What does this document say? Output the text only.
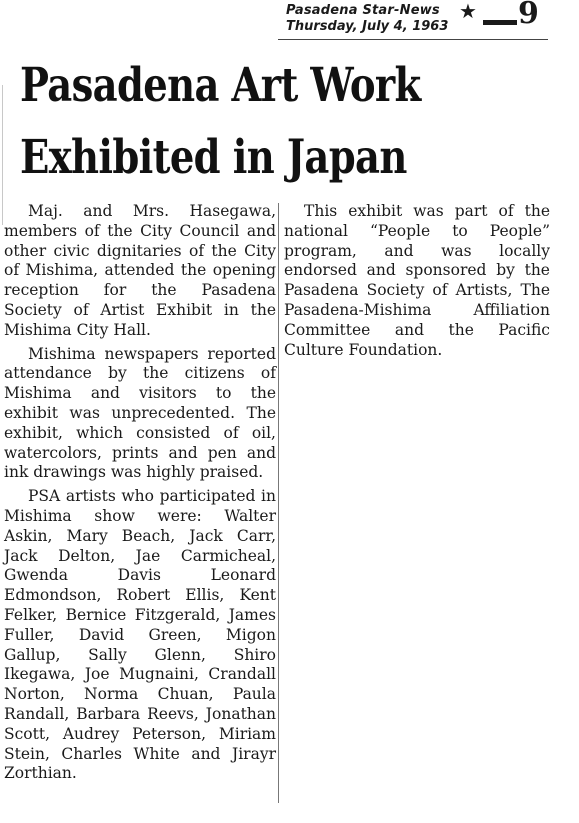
Pasadena Star-News
Thursday, July 4, 1963
★ 9
Pasadena Art Work Exhibited in Japan

Maj. and Mrs. Hasegawa, members of the City Council and other civic dignitaries of the City of Mishima, attended the opening reception for the Pasadena Society of Artist Exhibit in the Mishima City Hall.

Mishima newspapers reported attendance by the citizens of Mishima and visitors to the exhibit was unprecedented. The exhibit, which consisted of oil, watercolors, prints and pen and ink drawings was highly praised.

PSA artists who participated in Mishima show were: Walter Askin, Mary Beach, Jack Carr, Jack Delton, Jae Carmicheal, Gwenda Davis Leonard Edmondson, Robert Ellis, Kent Felker, Bernice Fitzgerald, James Fuller, David Green, Migon Gallup, Sally Glenn, Shiro Ikegawa, Joe Mugnaini, Crandall Norton, Norma Chuan, Paula Randall, Barbara Reevs, Jonathan Scott, Audrey Peterson, Miriam Stein, Charles White and Jirayr Zorthian.

This exhibit was part of the national “People to People” program, and was locally endorsed and sponsored by the Pasadena Society of Artists, The Pasadena-Mishima Affiliation Committee and the Pacific Culture Foundation.
